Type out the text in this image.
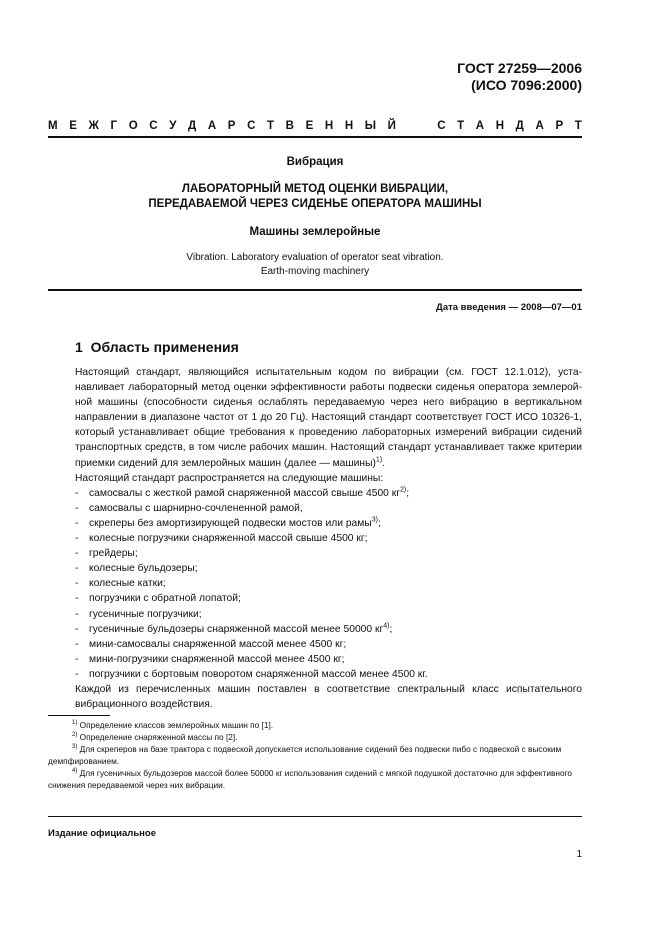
ГОСТ 27259—2006
(ИСО 7096:2000)
М Е Ж Г О С У Д А Р С Т В Е Н Н Ы Й

	С Т А Н Д А Р Т
Вибрация
ЛАБОРАТОРНЫЙ МЕТОД ОЦЕНКИ ВИБРАЦИИ,
ПЕРЕДАВАЕМОЙ ЧЕРЕЗ СИДЕНЬЕ ОПЕРАТОРА МАШИНЫ
Машины землеройные
Vibration. Laboratory evaluation of operator seat vibration.
Earth-moving machinery
Дата введения — 2008—07—01
1 Область применения

Настоящий стандарт, являющийся испытательным кодом по вибрации (см. ГОСТ 12.1.012), уста- навливает лабораторный метод оценки эффективности работы подвески сиденья оператора землерой- ной машины (способности сиденья ослаблять передаваемую через него вибрацию в вертикальном направлении в диапазоне частот от 1 до 20 Гц). Настоящий стандарт соответствует ГОСТ ИСО 10326-1, который устанавливает общие требования к проведению лабораторных измерений вибрации сидений транспортных средств, в том числе рабочих машин. Настоящий стандарт устанавливает также критерии приемки сидений для землеройных машин (далее — машины)$^{1)}$.

Настоящий стандарт распространяется на следующие машины:

- самосвалы с жесткой рамой снаряженной массой свыше 4500 $кг^{2)}$;
- самосвалы с шарнирно-сочлененной рамой,
- скреперы без амортизирующей подвески мостов или рамы$^{3)}$;
- колесные погрузчики снаряженной массой свыше 4500 кг;
- грейдеры;
- колесные бульдозеры;
- колесные катки;
- погрузчики с обратной лопатой;
- гусеничные погрузчики;
- гусеничные бульдозеры снаряженной массой менее 50000 $кг^{4)}$;
- мини-самосвалы снаряженной массой менее 4500 кг;
- мини-погрузчики снаряженной массой менее 4500 кг;
- погрузчики с бортовым поворотом снаряженной массой менее 4500 кг.

Каждой из перечисленных машин поставлен в соответствие спектральный класс испытательного вибрационного воздействия.

$^{1)}$ Определение классов землеройных машин по [1].

$^{2)}$ Определение снаряженной массы по [2].

$^{3)}$ Для скреперов на базе трактора с подвеской допускается использование сидений без подвески пибо с подвеской с высоким демпфированием.

$^{4)}$ Для гусеничных бульдозеров массой более 50000 кг использования сидений с мягкой подушкой достаточно для эффективного снижения передаваемой через них вибрации.

Издание официальное
1
